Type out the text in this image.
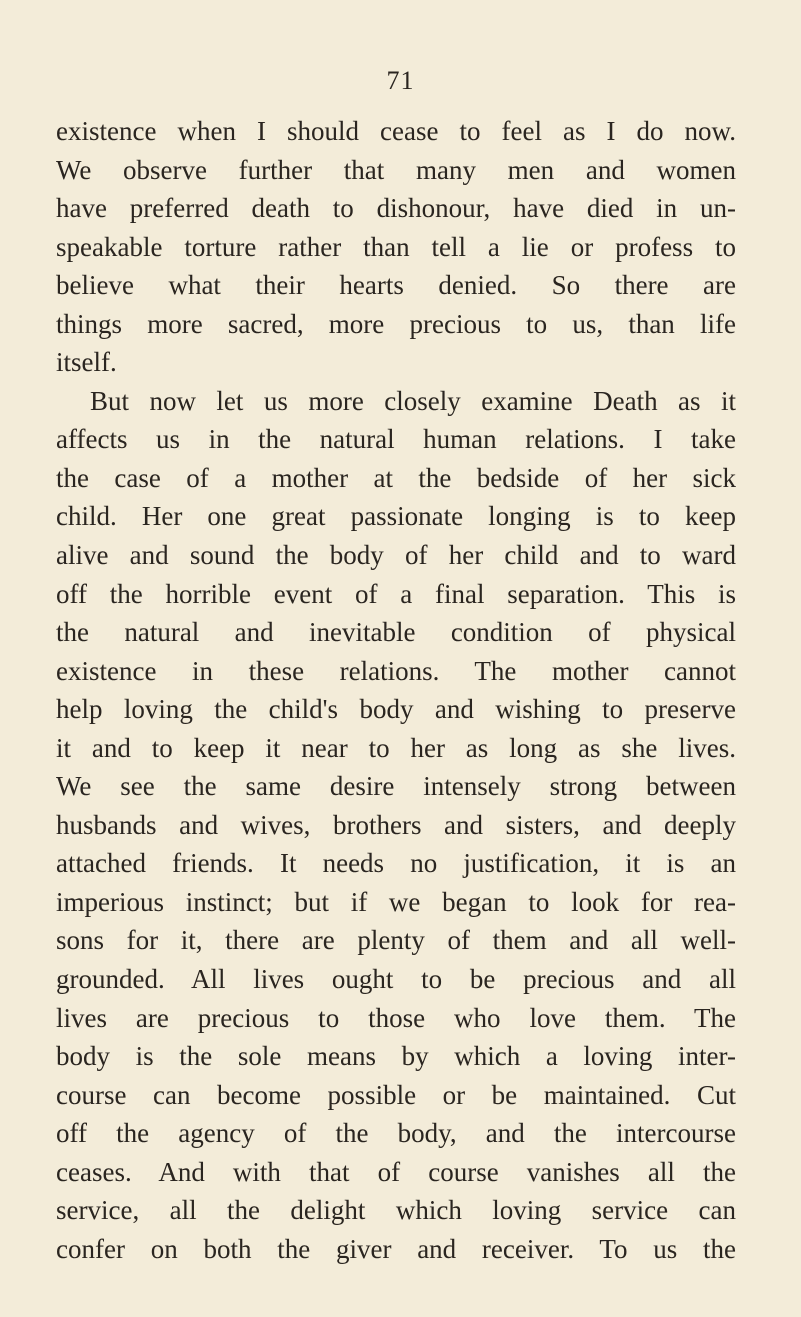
71
existence when I should cease to feel as I do now.
We observe further that many men and women
have preferred death to dishonour, have died in un-
speakable torture rather than tell a lie or profess to
believe what their hearts denied. So there are
things more sacred, more precious to us, than life
itself.
But now let us more closely examine Death as it
affects us in the natural human relations. I take
the case of a mother at the bedside of her sick
child. Her one great passionate longing is to keep
alive and sound the body of her child and to ward
off the horrible event of a final separation. This is
the natural and inevitable condition of physical
existence in these relations. The mother cannot
help loving the child's body and wishing to preserve
it and to keep it near to her as long as she lives.
We see the same desire intensely strong between
husbands and wives, brothers and sisters, and deeply
attached friends. It needs no justification, it is an
imperious instinct; but if we began to look for rea-
sons for it, there are plenty of them and all well-
grounded. All lives ought to be precious and all
lives are precious to those who love them. The
body is the sole means by which a loving inter-
course can become possible or be maintained. Cut
off the agency of the body, and the intercourse
ceases. And with that of course vanishes all the
service, all the delight which loving service can
confer on both the giver and receiver. To us the
